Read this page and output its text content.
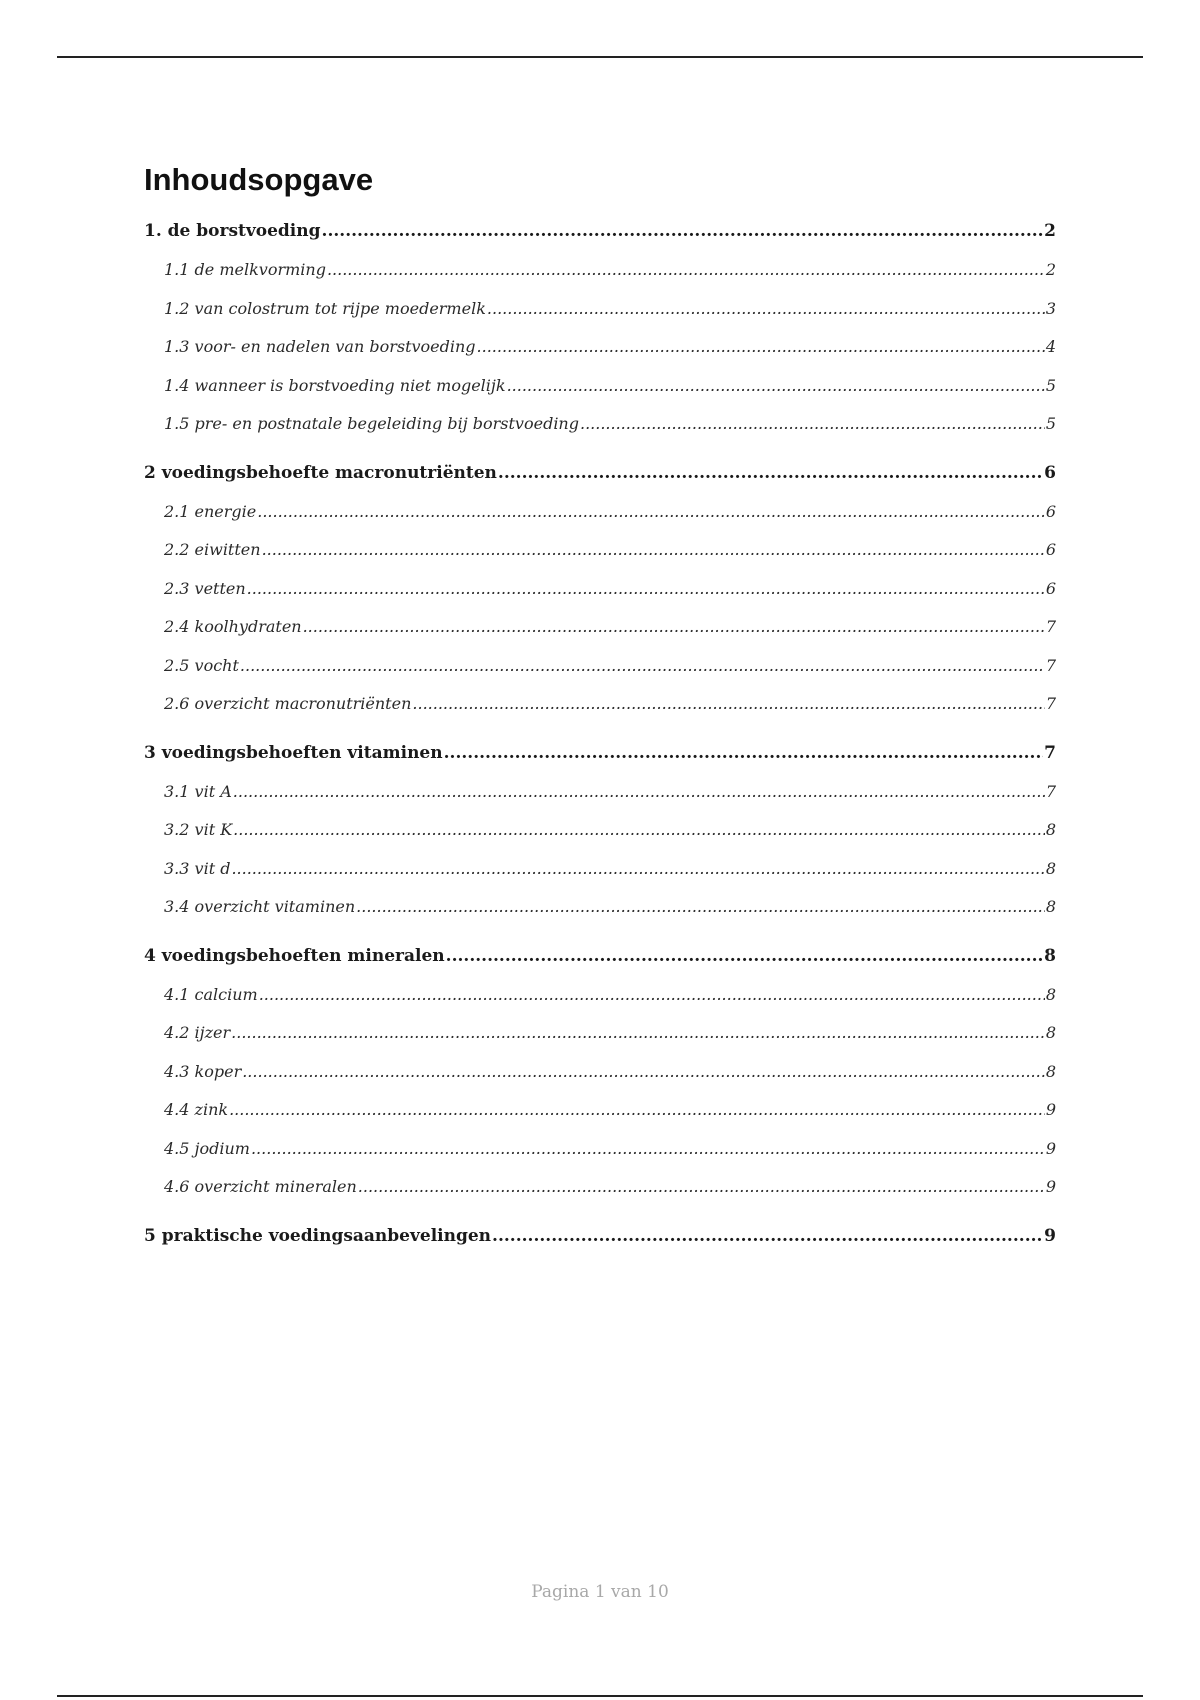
Inhoudsopgave
1. de borstvoeding .....	2
1.1 de melkvorming .....	2
1.2 van colostrum tot rijpe moedermelk .....	3
1.3 voor- en nadelen van borstvoeding .....	4
1.4 wanneer is borstvoeding niet mogelijk .....	5
1.5 pre- en postnatale begeleiding bij borstvoeding .....	5
2 voedingsbehoefte macronutriënten .....	6
2.1 energie .....	6
2.2 eiwitten .....	6
2.3 vetten .....	6
2.4 koolhydraten .....	7
2.5 vocht .....	7
2.6 overzicht macronutriënten .....	7
3 voedingsbehoeften vitaminen .....	7
3.1 vit A .....	7
3.2 vit K .....	8
3.3 vit d .....	8
3.4 overzicht vitaminen .....	8
4 voedingsbehoeften mineralen .....	8
4.1 calcium .....	8
4.2 ijzer .....	8
4.3 koper .....	8
4.4 zink .....	9
4.5 jodium .....	9
4.6 overzicht mineralen .....	9
5 praktische voedingsaanbevelingen .....	9
Pagina 1 van 10
